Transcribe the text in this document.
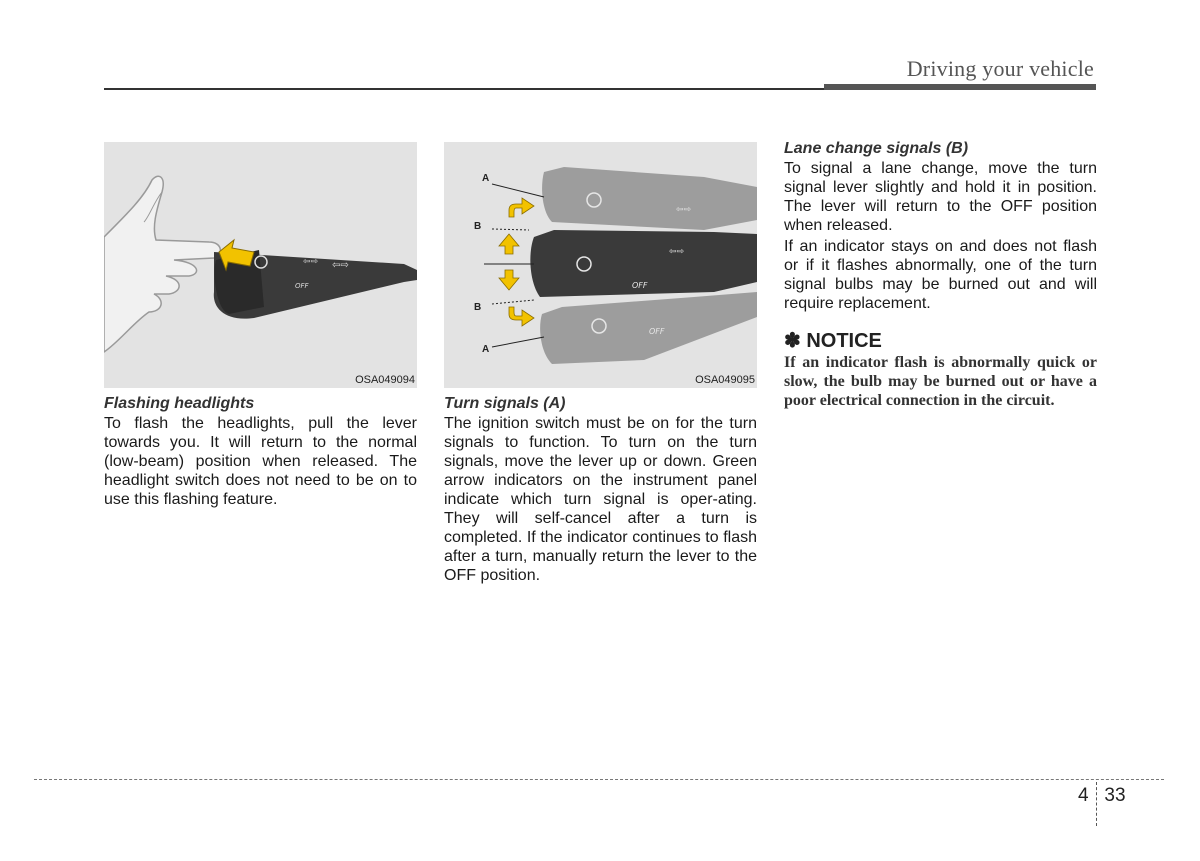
Driving your vehicle
⇦⇨ ⇦⇨
OFF
OSA049094
⇦⇨
⇦⇨
OFF
OFF
A
B
B
A
OSA049095
Flashing headlights

To flash the headlights, pull the lever towards you. It will return to the normal (low-beam) position when released. The headlight switch does not need to be on to use this flashing feature.

Turn signals (A)

The ignition switch must be on for the turn signals to function. To turn on the turn signals, move the lever up or down. Green arrow indicators on the instrument panel indicate which turn signal is oper-ating. They will self-cancel after a turn is completed. If the indicator continues to flash after a turn, manually return the lever to the OFF position.

Lane change signals (B)

To signal a lane change, move the turn signal lever slightly and hold it in position. The lever will return to the OFF position when released.

If an indicator stays on and does not flash or if it flashes abnormally, one of the turn signal bulbs may be burned out and will require replacement.

✽ NOTICE
If an indicator flash is abnormally quick or slow, the bulb may be burned out or have a poor electrical connection in the circuit.
4 33
